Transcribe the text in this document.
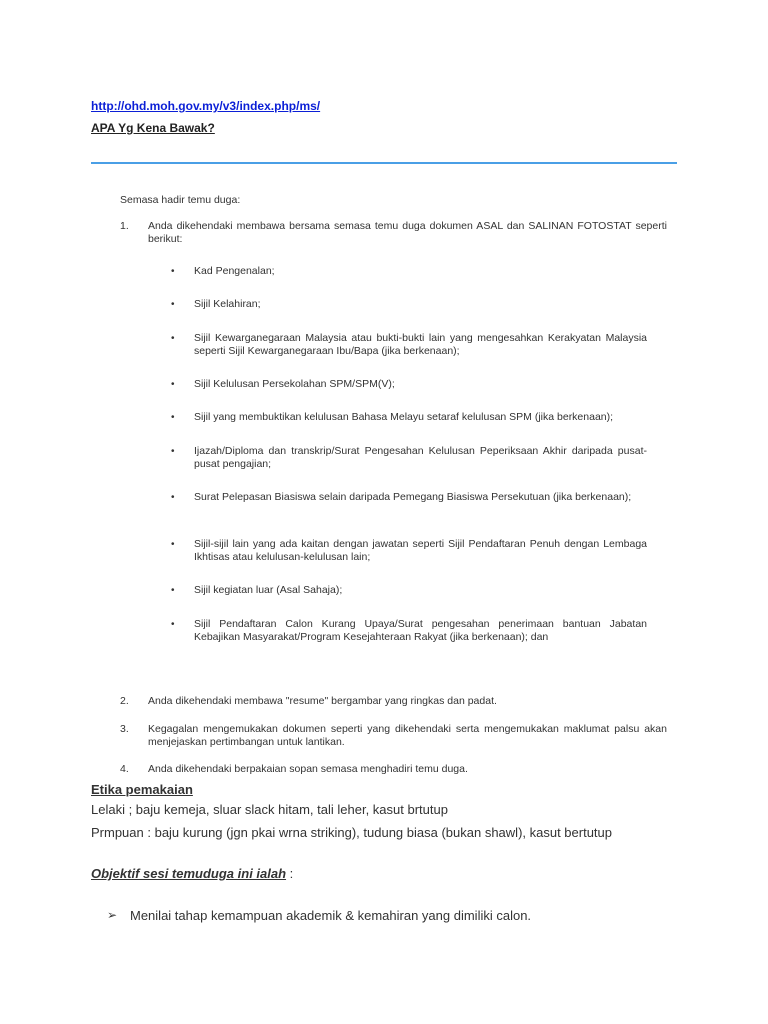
http://ohd.moh.gov.my/v3/index.php/ms/
APA Yg Kena Bawak?
Semasa hadir temu duga:
1.	Anda dikehendaki membawa bersama semasa temu duga dokumen ASAL dan SALINAN FOTOSTAT seperti berikut:
• Kad Pengenalan;
• Sijil Kelahiran;
• Sijil Kewarganegaraan Malaysia atau bukti-bukti lain yang mengesahkan Kerakyatan Malaysia seperti Sijil Kewarganegaraan Ibu/Bapa (jika berkenaan);
• Sijil Kelulusan Persekolahan SPM/SPM(V);
• Sijil yang membuktikan kelulusan Bahasa Melayu setaraf kelulusan SPM (jika berkenaan);
• Ijazah/Diploma dan transkrip/Surat Pengesahan Kelulusan Peperiksaan Akhir daripada pusat-pusat pengajian;
• Surat Pelepasan Biasiswa selain daripada Pemegang Biasiswa Persekutuan (jika berkenaan);
• Sijil-sijil lain yang ada kaitan dengan jawatan seperti Sijil Pendaftaran Penuh dengan Lembaga Ikhtisas atau kelulusan-kelulusan lain;
• Sijil kegiatan luar (Asal Sahaja);
• Sijil Pendaftaran Calon Kurang Upaya/Surat pengesahan penerimaan bantuan Jabatan Kebajikan Masyarakat/Program Kesejahteraan Rakyat (jika berkenaan); dan
2.	Anda dikehendaki membawa "resume" bergambar yang ringkas dan padat.
3.	Kegagalan mengemukakan dokumen seperti yang dikehendaki serta mengemukakan maklumat palsu akan menjejaskan pertimbangan untuk lantikan.
4.	Anda dikehendaki berpakaian sopan semasa menghadiri temu duga.
Etika pemakaian
Lelaki ; baju kemeja, sluar slack hitam, tali leher, kasut brtutup
Prmpuan : baju kurung (jgn pkai wrna striking), tudung biasa (bukan shawl), kasut bertutup
Objektif sesi temuduga ini ialah :
➢ Menilai tahap kemampuan akademik & kemahiran yang dimiliki calon.
